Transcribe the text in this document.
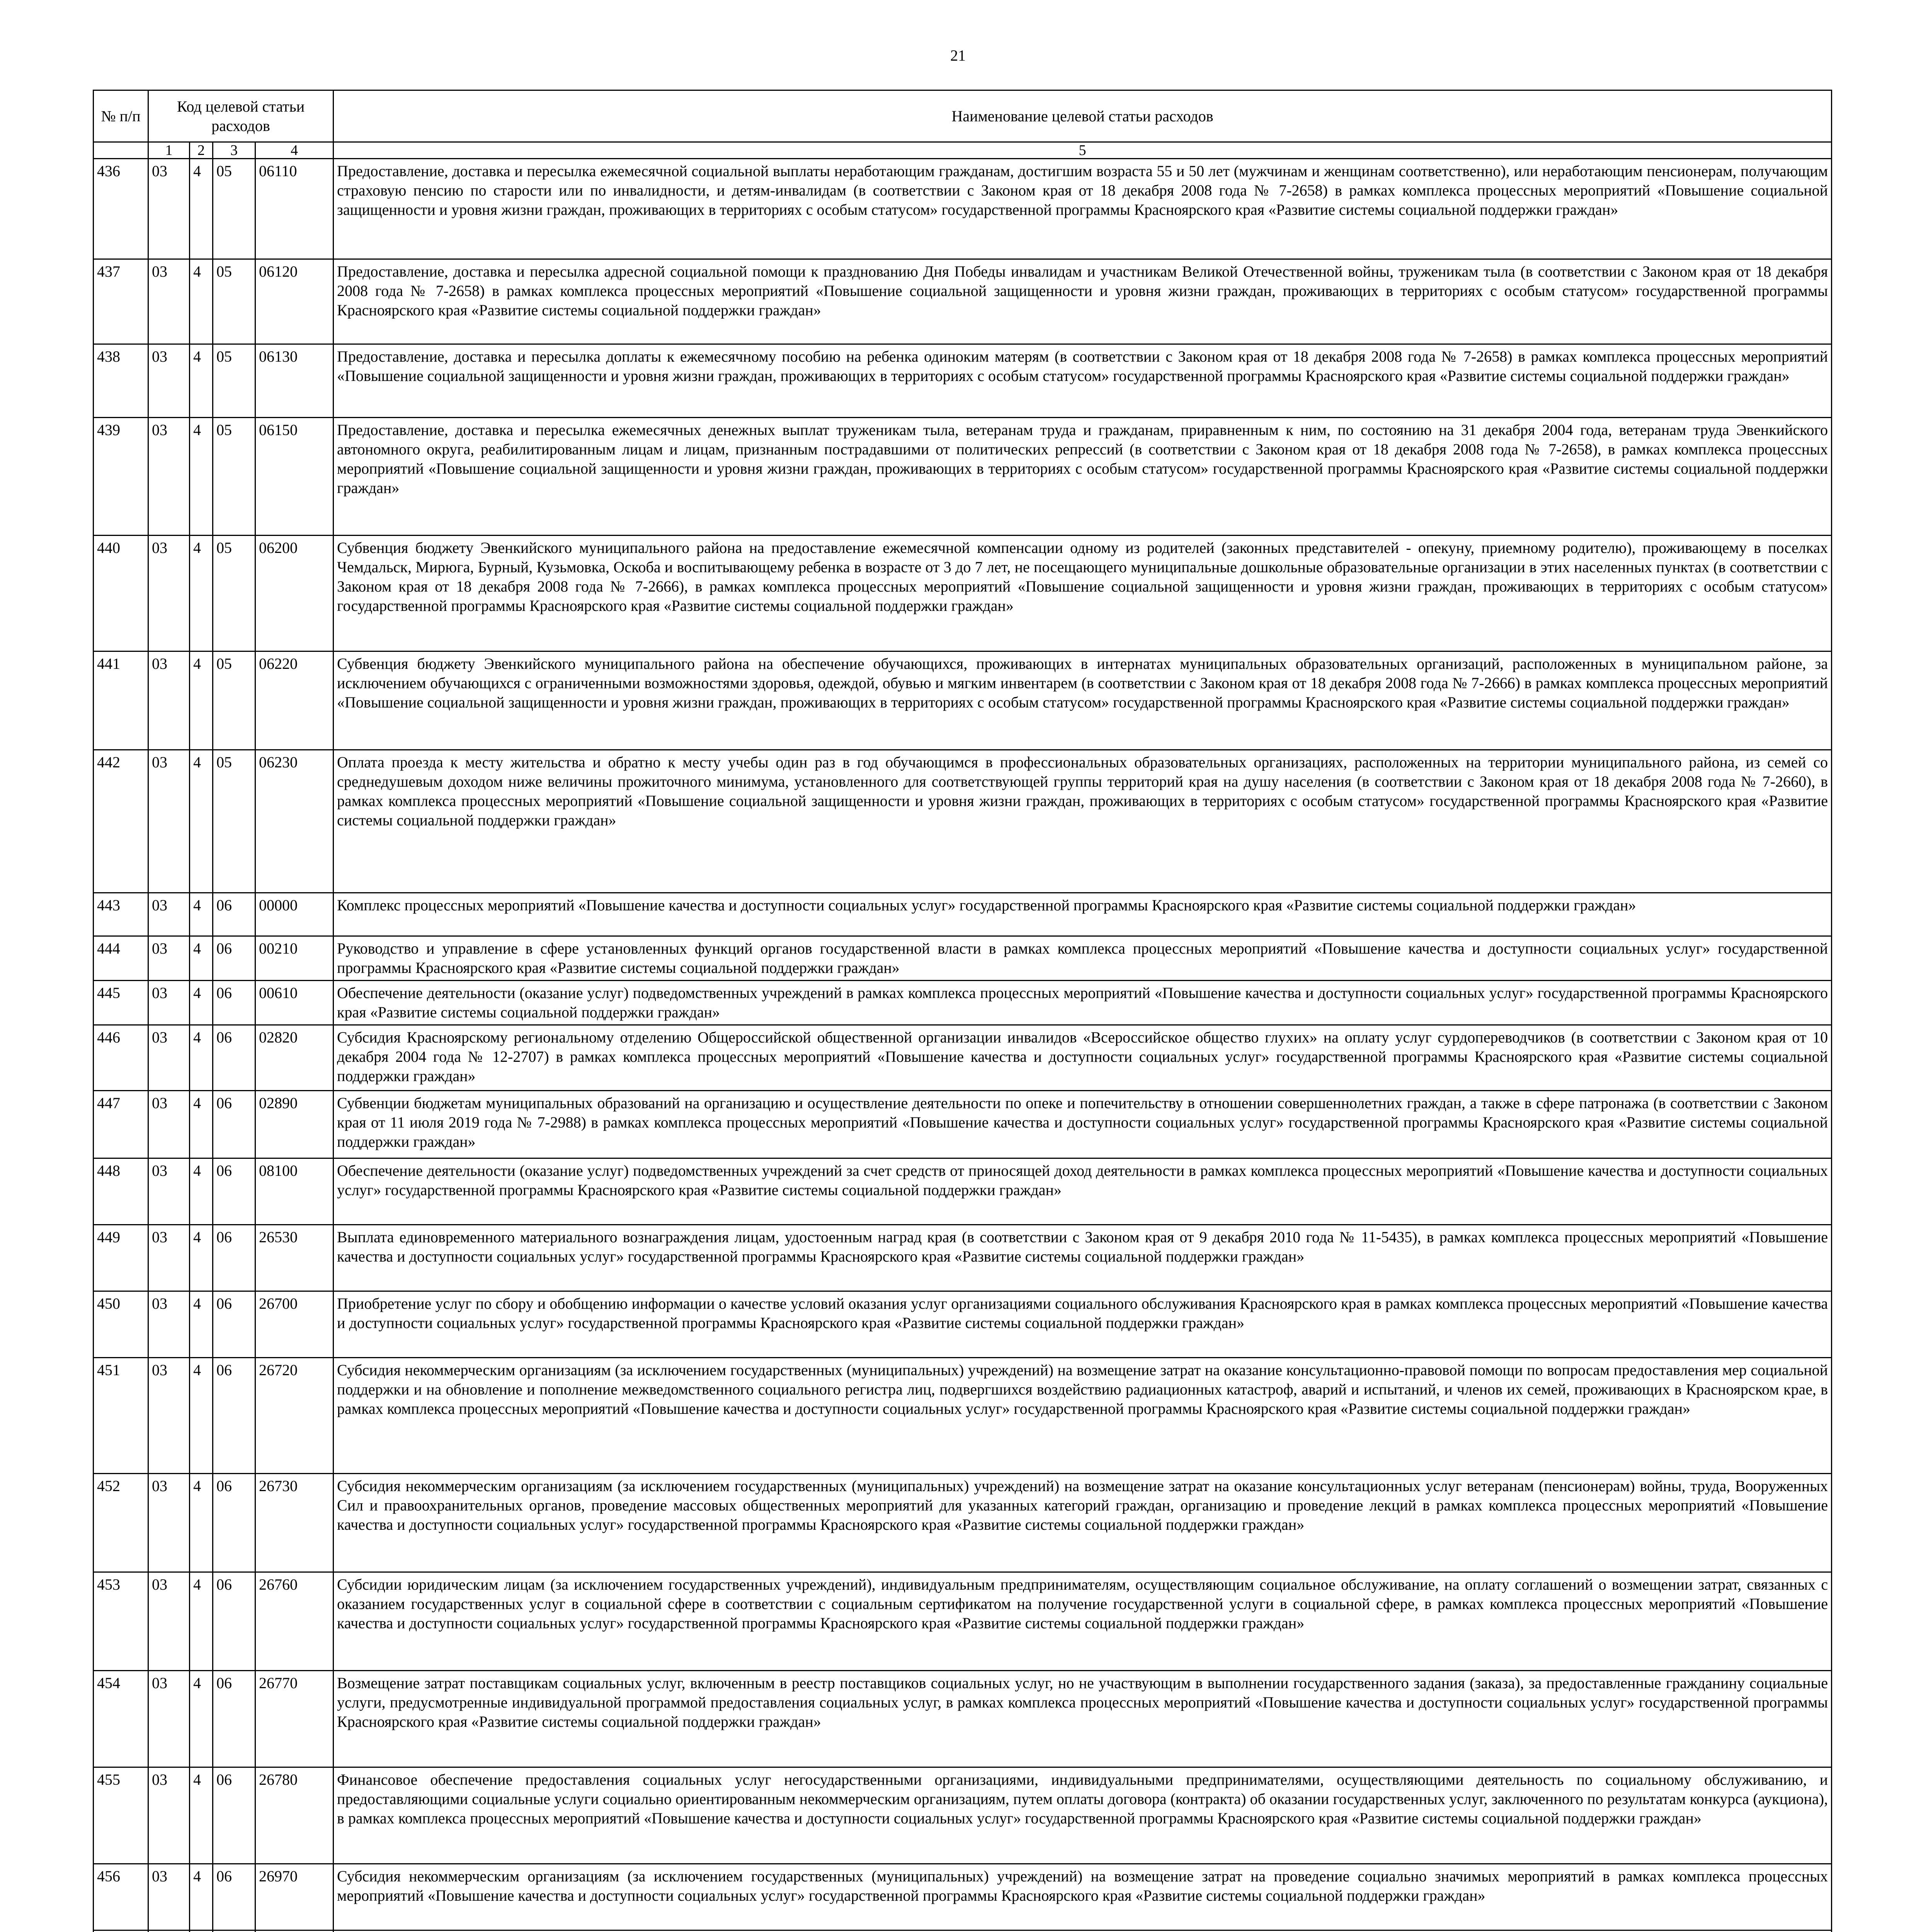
21
№ п/п	Код целевой статьи расходов				Наименование целевой статьи расходов

	1	2	3	4	5
436	03	4	05	06110	Предоставление, доставка и пересылка ежемесячной социальной выплаты неработающим гражданам, достигшим возраста 55 и 50 лет (мужчинам и женщинам соответственно), или неработающим пенсионерам, получающим страховую пенсию по старости или по инвалидности, и детям-инвалидам (в соответствии с Законом края от 18 декабря 2008 года № 7-2658) в рамках комплекса процессных мероприятий «Повышение социальной защищенности и уровня жизни граждан, проживающих в территориях с особым статусом» государственной программы Красноярского края «Развитие системы социальной поддержки граждан»
437	03	4	05	06120	Предоставление, доставка и пересылка адресной социальной помощи к празднованию Дня Победы инвалидам и участникам Великой Отечественной войны, труженикам тыла (в соответствии с Законом края от 18 декабря 2008 года № 7-2658) в рамках комплекса процессных мероприятий «Повышение социальной защищенности и уровня жизни граждан, проживающих в территориях с особым статусом» государственной программы Красноярского края «Развитие системы социальной поддержки граждан»
438	03	4	05	06130	Предоставление, доставка и пересылка доплаты к ежемесячному пособию на ребенка одиноким матерям (в соответствии с Законом края от 18 декабря 2008 года № 7-2658) в рамках комплекса процессных мероприятий «Повышение социальной защищенности и уровня жизни граждан, проживающих в территориях с особым статусом» государственной программы Красноярского края «Развитие системы социальной поддержки граждан»
439	03	4	05	06150	Предоставление, доставка и пересылка ежемесячных денежных выплат труженикам тыла, ветеранам труда и гражданам, приравненным к ним, по состоянию на 31 декабря 2004 года, ветеранам труда Эвенкийского автономного округа, реабилитированным лицам и лицам, признанным пострадавшими от политических репрессий (в соответствии с Законом края от 18 декабря 2008 года № 7-2658), в рамках комплекса процессных мероприятий «Повышение социальной защищенности и уровня жизни граждан, проживающих в территориях с особым статусом» государственной программы Красноярского края «Развитие системы социальной поддержки граждан»
440	03	4	05	06200	Субвенция бюджету Эвенкийского муниципального района на предоставление ежемесячной компенсации одному из родителей (законных представителей - опекуну, приемному родителю), проживающему в поселках Чемдальск, Мирюга, Бурный, Кузьмовка, Оскоба и воспитывающему ребенка в возрасте от 3 до 7 лет, не посещающего муниципальные дошкольные образовательные организации в этих населенных пунктах (в соответствии с Законом края от 18 декабря 2008 года № 7-2666), в рамках комплекса процессных мероприятий «Повышение социальной защищенности и уровня жизни граждан, проживающих в территориях с особым статусом» государственной программы Красноярского края «Развитие системы социальной поддержки граждан»
441	03	4	05	06220	Субвенция бюджету Эвенкийского муниципального района на обеспечение обучающихся, проживающих в интернатах муниципальных образовательных организаций, расположенных в муниципальном районе, за исключением обучающихся с ограниченными возможностями здоровья, одеждой, обувью и мягким инвентарем (в соответствии с Законом края от 18 декабря 2008 года № 7-2666) в рамках комплекса процессных мероприятий «Повышение социальной защищенности и уровня жизни граждан, проживающих в территориях с особым статусом» государственной программы Красноярского края «Развитие системы социальной поддержки граждан»
442	03	4	05	06230	Оплата проезда к месту жительства и обратно к месту учебы один раз в год обучающимся в профессиональных образовательных организациях, расположенных на территории муниципального района, из семей со среднедушевым доходом ниже величины прожиточного минимума, установленного для соответствующей группы территорий края на душу населения (в соответствии с Законом края от 18 декабря 2008 года № 7-2660), в рамках комплекса процессных мероприятий «Повышение социальной защищенности и уровня жизни граждан, проживающих в территориях с особым статусом» государственной программы Красноярского края «Развитие системы социальной поддержки граждан»
443	03	4	06	00000	Комплекс процессных мероприятий «Повышение качества и доступности социальных услуг» государственной программы Красноярского края «Развитие системы социальной поддержки граждан»
444	03	4	06	00210	Руководство и управление в сфере установленных функций органов государственной власти в рамках комплекса процессных мероприятий «Повышение качества и доступности социальных услуг» государственной программы Красноярского края «Развитие системы социальной поддержки граждан»
445	03	4	06	00610	Обеспечение деятельности (оказание услуг) подведомственных учреждений в рамках комплекса процессных мероприятий «Повышение качества и доступности социальных услуг» государственной программы Красноярского края «Развитие системы социальной поддержки граждан»
446	03	4	06	02820	Субсидия Красноярскому региональному отделению Общероссийской общественной организации инвалидов «Всероссийское общество глухих» на оплату услуг сурдопереводчиков (в соответствии с Законом края от 10 декабря 2004 года № 12-2707) в рамках комплекса процессных мероприятий «Повышение качества и доступности социальных услуг» государственной программы Красноярского края «Развитие системы социальной поддержки граждан»
447	03	4	06	02890	Субвенции бюджетам муниципальных образований на организацию и осуществление деятельности по опеке и попечительству в отношении совершеннолетних граждан, а также в сфере патронажа (в соответствии с Законом края от 11 июля 2019 года № 7-2988) в рамках комплекса процессных мероприятий «Повышение качества и доступности социальных услуг» государственной программы Красноярского края «Развитие системы социальной поддержки граждан»
448	03	4	06	08100	Обеспечение деятельности (оказание услуг) подведомственных учреждений за счет средств от приносящей доход деятельности в рамках комплекса процессных мероприятий «Повышение качества и доступности социальных услуг» государственной программы Красноярского края «Развитие системы социальной поддержки граждан»
449	03	4	06	26530	Выплата единовременного материального вознаграждения лицам, удостоенным наград края (в соответствии с Законом края от 9 декабря 2010 года № 11-5435), в рамках комплекса процессных мероприятий «Повышение качества и доступности социальных услуг» государственной программы Красноярского края «Развитие системы социальной поддержки граждан»
450	03	4	06	26700	Приобретение услуг по сбору и обобщению информации о качестве условий оказания услуг организациями социального обслуживания Красноярского края в рамках комплекса процессных мероприятий «Повышение качества и доступности социальных услуг» государственной программы Красноярского края «Развитие системы социальной поддержки граждан»
451	03	4	06	26720	Субсидия некоммерческим организациям (за исключением государственных (муниципальных) учреждений) на возмещение затрат на оказание консультационно-правовой помощи по вопросам предоставления мер социальной поддержки и на обновление и пополнение межведомственного социального регистра лиц, подвергшихся воздействию радиационных катастроф, аварий и испытаний, и членов их семей, проживающих в Красноярском крае, в рамках комплекса процессных мероприятий «Повышение качества и доступности социальных услуг» государственной программы Красноярского края «Развитие системы социальной поддержки граждан»
452	03	4	06	26730	Субсидия некоммерческим организациям (за исключением государственных (муниципальных) учреждений) на возмещение затрат на оказание консультационных услуг ветеранам (пенсионерам) войны, труда, Вооруженных Сил и правоохранительных органов, проведение массовых общественных мероприятий для указанных категорий граждан, организацию и проведение лекций в рамках комплекса процессных мероприятий «Повышение качества и доступности социальных услуг» государственной программы Красноярского края «Развитие системы социальной поддержки граждан»
453	03	4	06	26760	Субсидии юридическим лицам (за исключением государственных учреждений), индивидуальным предпринимателям, осуществляющим социальное обслуживание, на оплату соглашений о возмещении затрат, связанных с оказанием государственных услуг в социальной сфере в соответствии с социальным сертификатом на получение государственной услуги в социальной сфере, в рамках комплекса процессных мероприятий «Повышение качества и доступности социальных услуг» государственной программы Красноярского края «Развитие системы социальной поддержки граждан»
454	03	4	06	26770	Возмещение затрат поставщикам социальных услуг, включенным в реестр поставщиков социальных услуг, но не участвующим в выполнении государственного задания (заказа), за предоставленные гражданину социальные услуги, предусмотренные индивидуальной программой предоставления социальных услуг, в рамках комплекса процессных мероприятий «Повышение качества и доступности социальных услуг» государственной программы Красноярского края «Развитие системы социальной поддержки граждан»
455	03	4	06	26780	Финансовое обеспечение предоставления социальных услуг негосударственными организациями, индивидуальными предпринимателями, осуществляющими деятельность по социальному обслуживанию, и предоставляющими социальные услуги социально ориентированным некоммерческим организациям, путем оплаты договора (контракта) об оказании государственных услуг, заключенного по результатам конкурса (аукциона), в рамках комплекса процессных мероприятий «Повышение качества и доступности социальных услуг» государственной программы Красноярского края «Развитие системы социальной поддержки граждан»
456	03	4	06	26970	Субсидия некоммерческим организациям (за исключением государственных (муниципальных) учреждений) на возмещение затрат на проведение социально значимых мероприятий в рамках комплекса процессных мероприятий «Повышение качества и доступности социальных услуг» государственной программы Красноярского края «Развитие системы социальной поддержки граждан»
